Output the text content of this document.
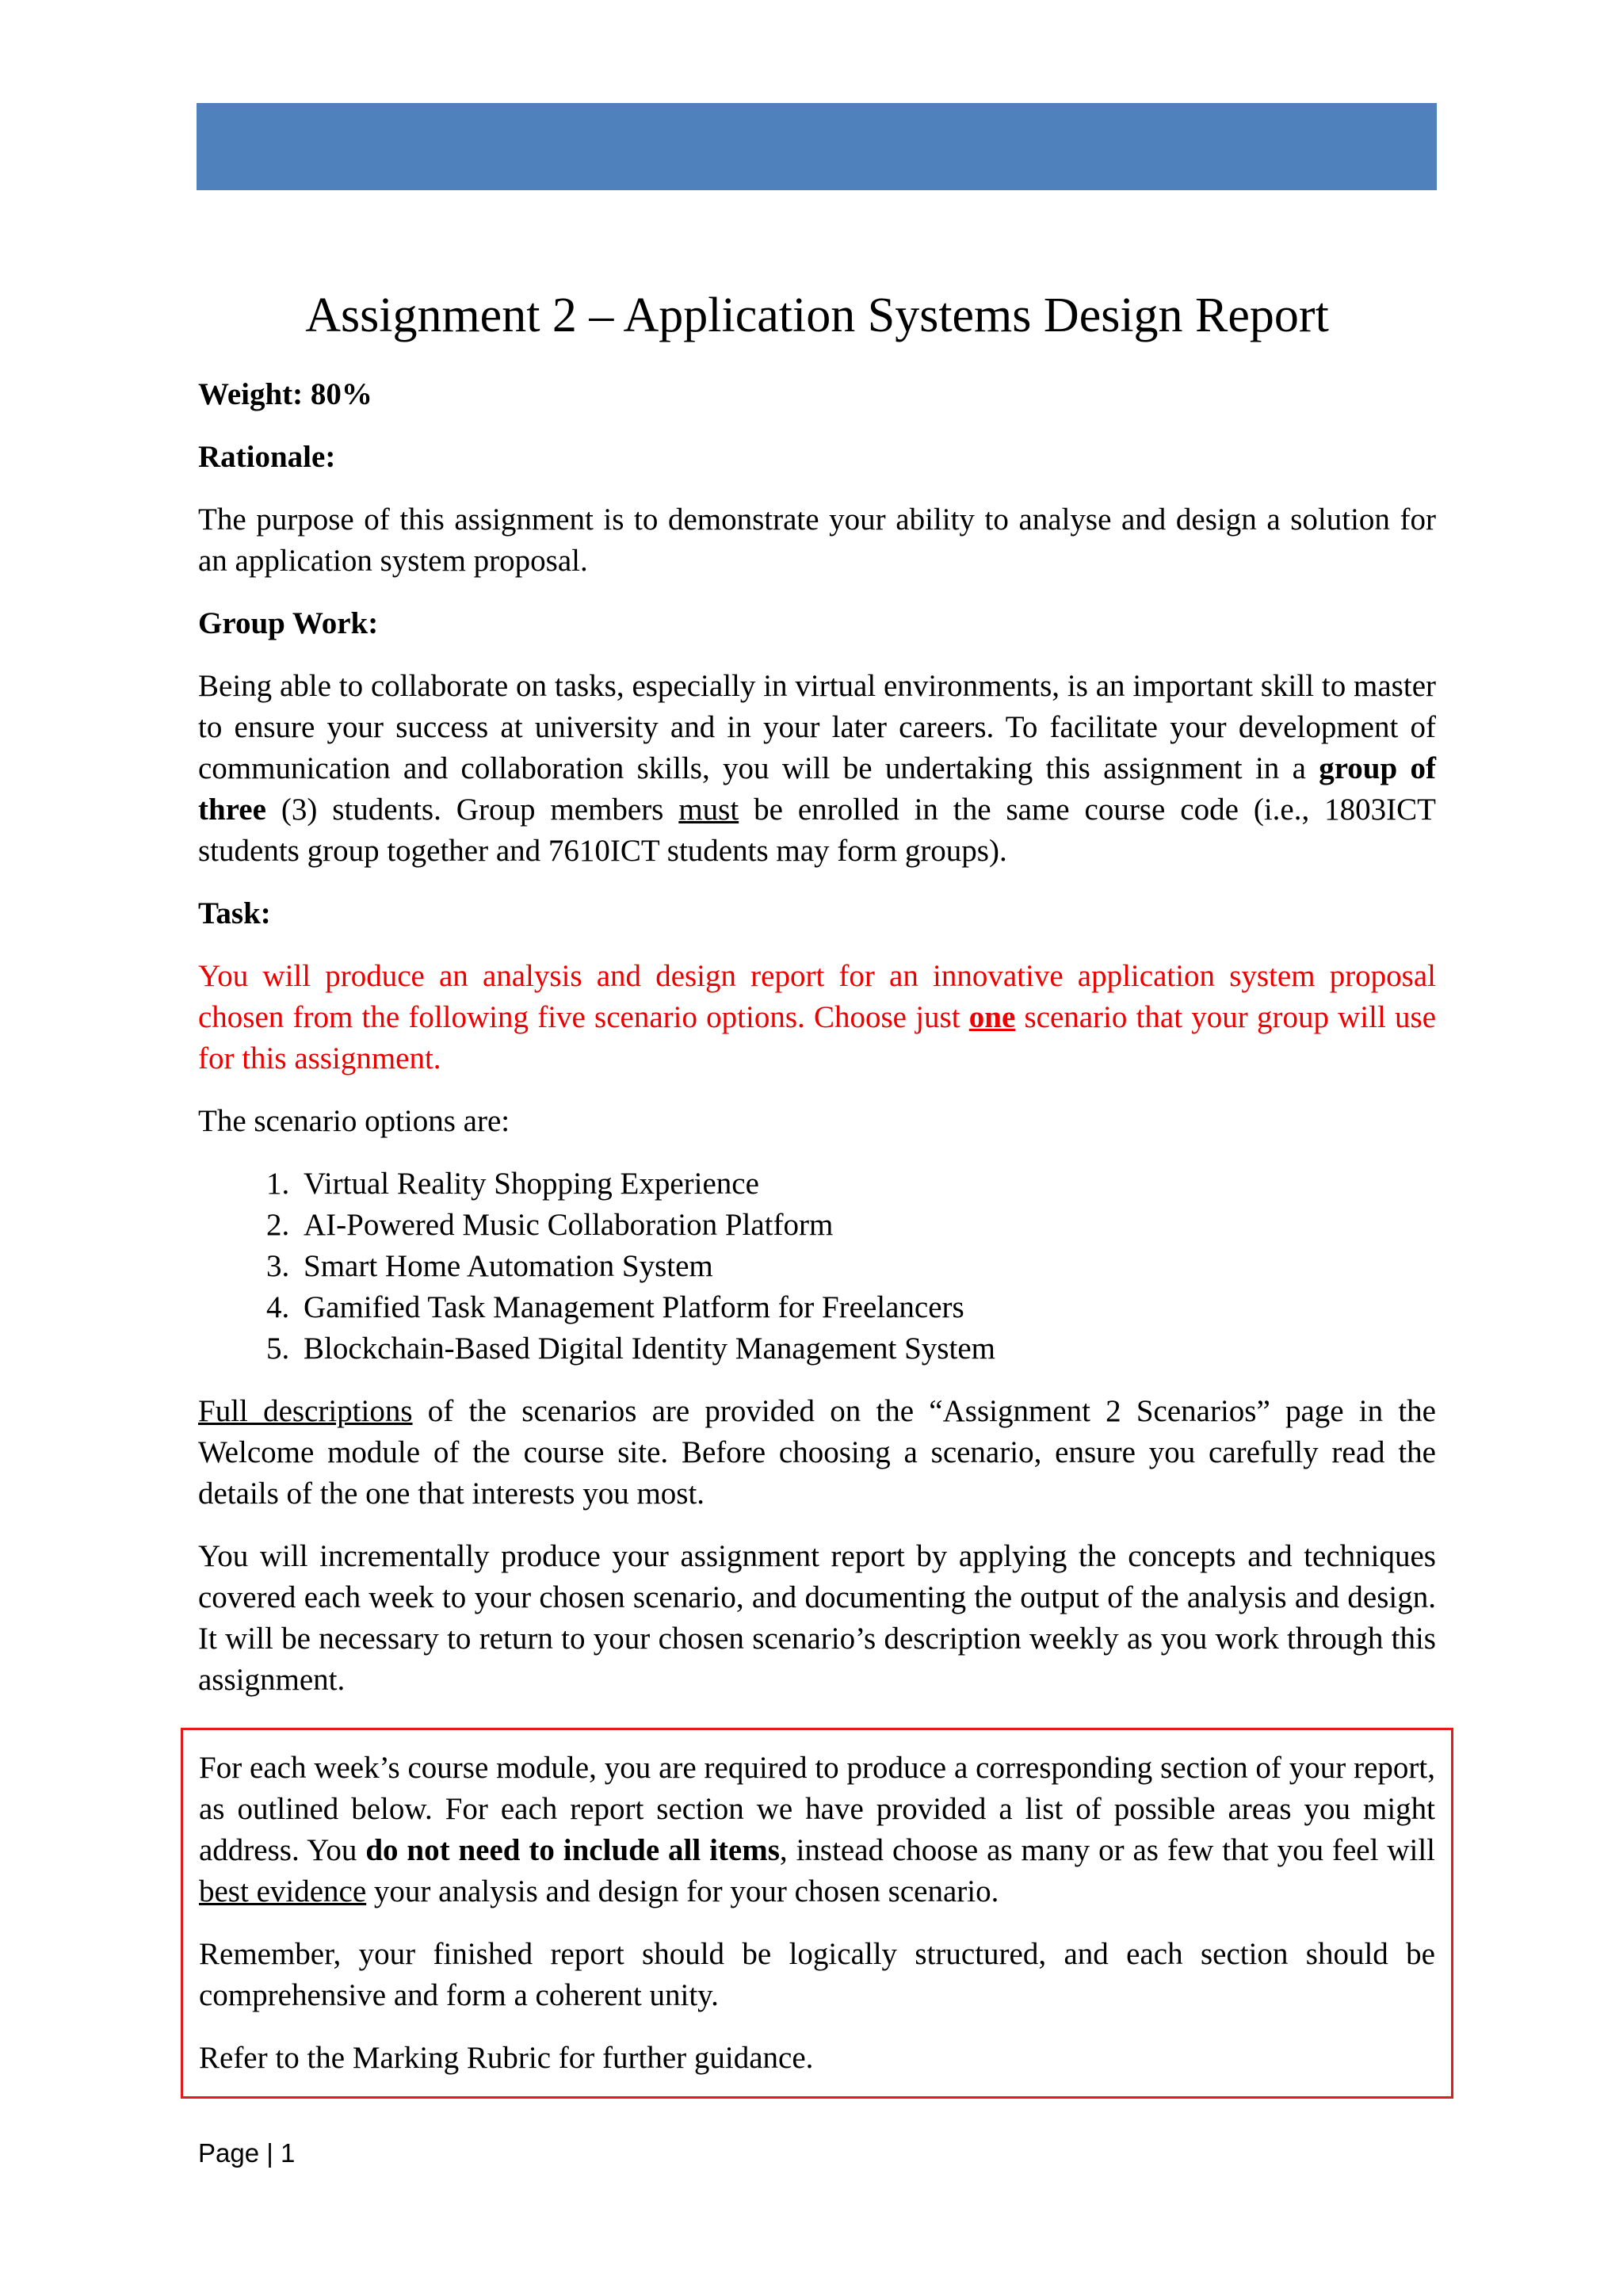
Assignment 2 – Application Systems Design Report
Weight: 80%
Rationale:

The purpose of this assignment is to demonstrate your ability to analyse and design a solution for an application system proposal.

Group Work:

Being able to collaborate on tasks, especially in virtual environments, is an important skill to master to ensure your success at university and in your later careers. To facilitate your development of communication and collaboration skills, you will be undertaking this assignment in a group of three (3) students. Group members must be enrolled in the same course code (i.e., 1803ICT students group together and 7610ICT students may form groups).

Task:

You will produce an analysis and design report for an innovative application system proposal chosen from the following five scenario options. Choose just one scenario that your group will use for this assignment.

The scenario options are:

1. Virtual Reality Shopping Experience
2. AI-Powered Music Collaboration Platform
3. Smart Home Automation System
4. Gamified Task Management Platform for Freelancers
5. Blockchain-Based Digital Identity Management System

Full descriptions of the scenarios are provided on the “Assignment 2 Scenarios” page in the Welcome module of the course site. Before choosing a scenario, ensure you carefully read the details of the one that interests you most.

You will incrementally produce your assignment report by applying the concepts and techniques covered each week to your chosen scenario, and documenting the output of the analysis and design. It will be necessary to return to your chosen scenario’s description weekly as you work through this assignment.

For each week’s course module, you are required to produce a corresponding section of your report, as outlined below. For each report section we have provided a list of possible areas you might address. You do not need to include all items, instead choose as many or as few that you feel will best evidence your analysis and design for your chosen scenario.

Remember, your finished report should be logically structured, and each section should be comprehensive and form a coherent unity.

Refer to the Marking Rubric for further guidance.

Page | 1
